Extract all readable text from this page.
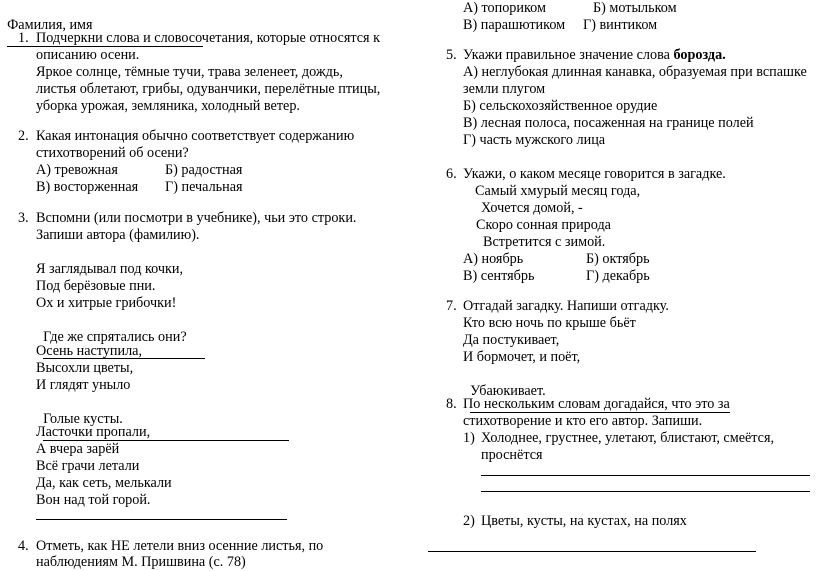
Фамилия, имя

1. Подчеркни слова и словосочетания, которые относятся к
описанию осени.
Яркое солнце, тёмные тучи, трава зеленеет, дождь,
листья облетают, грибы, одуванчики, перелётные птицы,
уборка урожая, земляника, холодный ветер.
2. Какая интонация обычно соответствует содержанию
стихотворений об осени?
А) тревожная	Б) радостная
В) восторженная Г) печальная
3. Вспомни (или посмотри в учебнике), чьи это строки.
Запиши автора (фамилию).
Я заглядывал под кочки,
Под берёзовые пни.
Ох и хитрые грибочки!

Где же спрятались они?

Осень наступила,
Высохли цветы,
И глядят уныло

Голые кусты.

Ласточки пропали,
А вчера зарёй
Всё грачи летали
Да, как сеть, мелькали
Вон над той горой.
4. Отметь, как НЕ летели вниз осенние листья, по
наблюдениям М. Пришвина (с. 78)
А) топориком	Б) мотыльком
В) парашютиком Г) винтиком
5. Укажи правильное значение слова борозда.
А) неглубокая длинная канавка, образуемая при вспашке
земли плугом
Б) сельскохозяйственное орудие
В) лесная полоса, посаженная на границе полей
Г) часть мужского лица
6. Укажи, о каком месяце говорится в загадке.
Самый хмурый месяц года,
Хочется домой, -
Скоро сонная природа
Встретится с зимой.
А) ноябрь	Б) октябрь
В) сентябрь	Г) декабрь
7. Отгадай загадку. Напиши отгадку.
Кто всю ночь по крыше бьёт
Да постукивает,
И бормочет, и поёт,

Убаюкивает.

8. По нескольким словам догадайся, что это за
стихотворение и кто его автор. Запиши.
1) Холоднее, грустнее, улетают, блистают, смеётся,
проснётся
2) Цветы, кусты, на кустах, на полях
